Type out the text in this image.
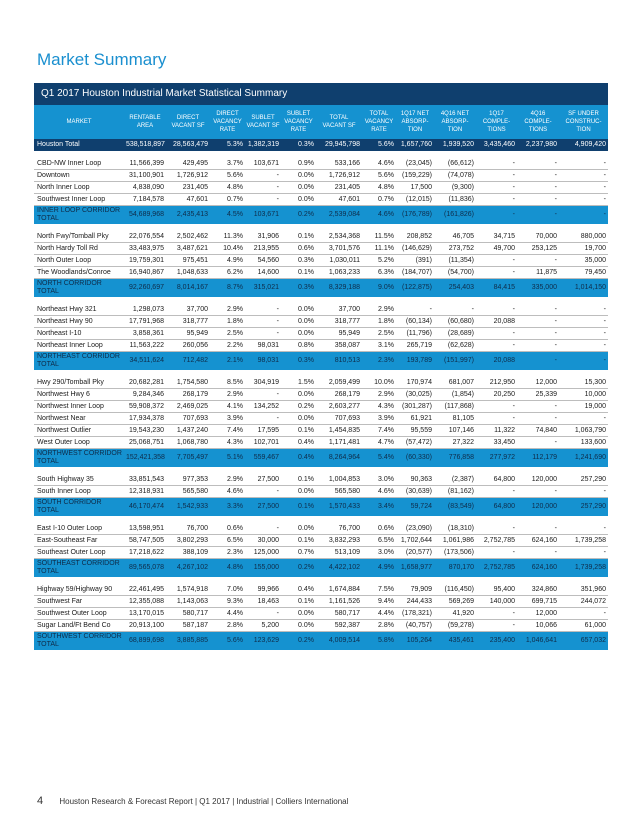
Market Summary
Q1 2017 Houston Industrial Market Statistical Summary
MARKET	RENTABLE AREA	DIRECT VACANT SF	DIRECT VACANCY RATE	SUBLET VACANT SF	SUBLET VACANCY RATE	TOTAL VACANT SF	TOTAL VACANCY RATE	1Q17 NET ABSORP-TION	4Q16 NET ABSORP-TION	1Q17 COMPLE-TIONS	4Q16 COMPLE-TIONS	SF UNDER CONSTRUC-TION
Houston Total	538,518,897	28,563,479	5.3%	1,382,319	0.3%	29,945,798	5.6%	1,657,760	1,939,520	3,435,460	2,237,980	4,909,420

CBD-NW Inner Loop	11,566,399	429,495	3.7%	103,671	0.9%	533,166	4.6%	(23,045)	(66,612)	-	-	-
Downtown	31,100,901	1,726,912	5.6%	-	0.0%	1,726,912	5.6%	(159,229)	(74,078)	-	-	-
North Inner Loop	4,838,090	231,405	4.8%	-	0.0%	231,405	4.8%	17,500	(9,300)	-	-	-
Southwest Inner Loop	7,184,578	47,601	0.7%	-	0.0%	47,601	0.7%	(12,015)	(11,836)	-	-	-
INNER LOOP CORRIDOR TOTAL	54,689,968	2,435,413	4.5%	103,671	0.2%	2,539,084	4.6%	(176,789)	(161,826)	-	-	-

North Fwy/Tomball Pky	22,076,554	2,502,462	11.3%	31,906	0.1%	2,534,368	11.5%	208,852	46,705	34,715	70,000	880,000
North Hardy Toll Rd	33,483,975	3,487,621	10.4%	213,955	0.6%	3,701,576	11.1%	(146,629)	273,752	49,700	253,125	19,700
North Outer Loop	19,759,301	975,451	4.9%	54,560	0.3%	1,030,011	5.2%	(391)	(11,354)	-	-	35,000
The Woodlands/Conroe	16,940,867	1,048,633	6.2%	14,600	0.1%	1,063,233	6.3%	(184,707)	(54,700)	-	11,875	79,450
NORTH CORRIDOR TOTAL	92,260,697	8,014,167	8.7%	315,021	0.3%	8,329,188	9.0%	(122,875)	254,403	84,415	335,000	1,014,150

Northeast Hwy 321	1,298,073	37,700	2.9%	-	0.0%	37,700	2.9%	-	-	-	-	-
Northeast Hwy 90	17,791,968	318,777	1.8%	-	0.0%	318,777	1.8%	(60,134)	(60,680)	20,088	-	-
Northeast I-10	3,858,361	95,949	2.5%	-	0.0%	95,949	2.5%	(11,796)	(28,689)	-	-	-
Northeast Inner Loop	11,563,222	260,056	2.2%	98,031	0.8%	358,087	3.1%	265,719	(62,628)	-	-	-
NORTHEAST CORRIDOR TOTAL	34,511,624	712,482	2.1%	98,031	0.3%	810,513	2.3%	193,789	(151,997)	20,088	-	-

Hwy 290/Tomball Pky	20,682,281	1,754,580	8.5%	304,919	1.5%	2,059,499	10.0%	170,974	681,007	212,950	12,000	15,300
Northwest Hwy 6	9,284,346	268,179	2.9%	-	0.0%	268,179	2.9%	(30,025)	(1,854)	20,250	25,339	10,000
Northwest Inner Loop	59,908,372	2,469,025	4.1%	134,252	0.2%	2,603,277	4.3%	(301,287)	(117,868)	-	-	19,000
Northwest Near	17,934,378	707,693	3.9%	-	0.0%	707,693	3.9%	61,921	81,105	-	-	-
Northwest Outlier	19,543,230	1,437,240	7.4%	17,595	0.1%	1,454,835	7.4%	95,559	107,146	11,322	74,840	1,063,790
West Outer Loop	25,068,751	1,068,780	4.3%	102,701	0.4%	1,171,481	4.7%	(57,472)	27,322	33,450	-	133,600
NORTHWEST CORRIDOR TOTAL	152,421,358	7,705,497	5.1%	559,467	0.4%	8,264,964	5.4%	(60,330)	776,858	277,972	112,179	1,241,690

South Highway 35	33,851,543	977,353	2.9%	27,500	0.1%	1,004,853	3.0%	90,363	(2,387)	64,800	120,000	257,290
South Inner Loop	12,318,931	565,580	4.6%	-	0.0%	565,580	4.6%	(30,639)	(81,162)	-	-	-
SOUTH CORRIDOR TOTAL	46,170,474	1,542,933	3.3%	27,500	0.1%	1,570,433	3.4%	59,724	(83,549)	64,800	120,000	257,290

East I-10 Outer Loop	13,598,951	76,700	0.6%	-	0.0%	76,700	0.6%	(23,090)	(18,310)	-	-	-
East-Southeast Far	58,747,505	3,802,293	6.5%	30,000	0.1%	3,832,293	6.5%	1,702,644	1,061,986	2,752,785	624,160	1,739,258
Southeast Outer Loop	17,218,622	388,109	2.3%	125,000	0.7%	513,109	3.0%	(20,577)	(173,506)	-	-	-
SOUTHEAST CORRIDOR TOTAL	89,565,078	4,267,102	4.8%	155,000	0.2%	4,422,102	4.9%	1,658,977	870,170	2,752,785	624,160	1,739,258

Highway 59/Highway 90	22,461,495	1,574,918	7.0%	99,966	0.4%	1,674,884	7.5%	79,909	(116,450)	95,400	324,860	351,960
Southwest Far	12,355,088	1,143,063	9.3%	18,463	0.1%	1,161,526	9.4%	244,433	569,269	140,000	699,715	244,072
Southwest Outer Loop	13,170,015	580,717	4.4%	-	0.0%	580,717	4.4%	(178,321)	41,920	-	12,000	-
Sugar Land/Ft Bend Co	20,913,100	587,187	2.8%	5,200	0.0%	592,387	2.8%	(40,757)	(59,278)	-	10,066	61,000
SOUTHWEST CORRIDOR TOTAL	68,899,698	3,885,885	5.6%	123,629	0.2%	4,009,514	5.8%	105,264	435,461	235,400	1,046,641	657,032
4 Houston Research & Forecast Report | Q1 2017 | Industrial | Colliers International
